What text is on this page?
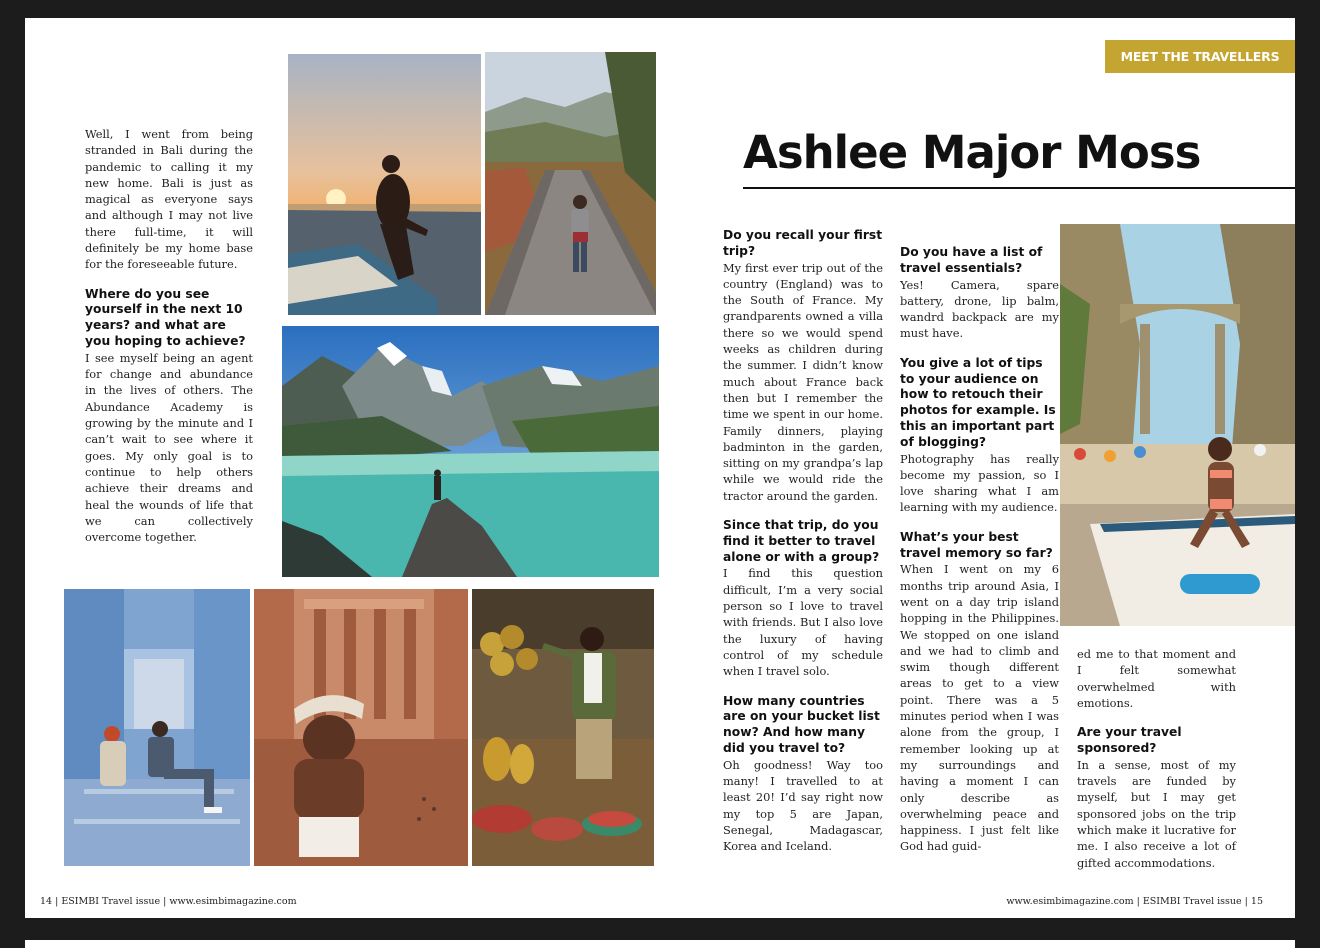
Well, I went from being stranded in Bali during the pandemic to calling it my new home. Bali is just as magical as everyone says and although I may not live there full-time, it will definitely be my home base for the foreseeable future.

Where do you see yourself in the next 10 years? and what are you hoping to achieve?

I see myself being an agent for change and abundance in the lives of others. The Abundance Academy is growing by the minute and I can’t wait to see where it goes. My only goal is to continue to help others achieve their dreams and heal the wounds of life that we can collectively overcome together.

MEET THE TRAVELLERS
Ashlee Major Moss

Do you recall your first trip?

My first ever trip out of the country (England) was to the South of France. My grandparents owned a villa there so we would spend weeks as children during the summer. I didn’t know much about France back then but I remember the time we spent in our home. Family dinners, playing badminton in the garden, sitting on my grandpa’s lap while we would ride the tractor around the garden.

Since that trip, do you find it better to travel alone or with a group?

I find this question difficult, I’m a very social person so I love to travel with friends. But I also love the luxury of having control of my schedule when I travel solo.

How many countries are on your bucket list now? And how many did you travel to?

Oh goodness! Way too many! I travelled to at least 20! I’d say right now my top 5 are Japan, Senegal, Madagascar, Korea and Iceland.

Do you have a list of travel essentials?

Yes! Camera, spare battery, drone, lip balm, wandrd backpack are my must have.

You give a lot of tips to your audience on how to retouch their photos for example. Is this an important part of blogging?

Photography has really become my passion, so I love sharing what I am learning with my audience.

What’s your best travel memory so far?

When I went on my 6 months trip around Asia, I went on a day trip island hopping in the Philippines. We stopped on one island and we had to climb and swim though different areas to get to a view point. There was a 5 minutes period when I was alone from the group, I remember looking up at my surroundings and having a moment I can only describe as overwhelming peace and happiness. I just felt like God had guid-

ed me to that moment and I felt somewhat overwhelmed with emotions.

Are your travel sponsored?

In a sense, most of my travels are funded by myself, but I may get sponsored jobs on the trip which make it lucrative for me. I also receive a lot of gifted accommodations.

14 | ESIMBI Travel issue | www.esimbimagazine.com	www.esimbimagazine.com | ESIMBI Travel issue | 15
